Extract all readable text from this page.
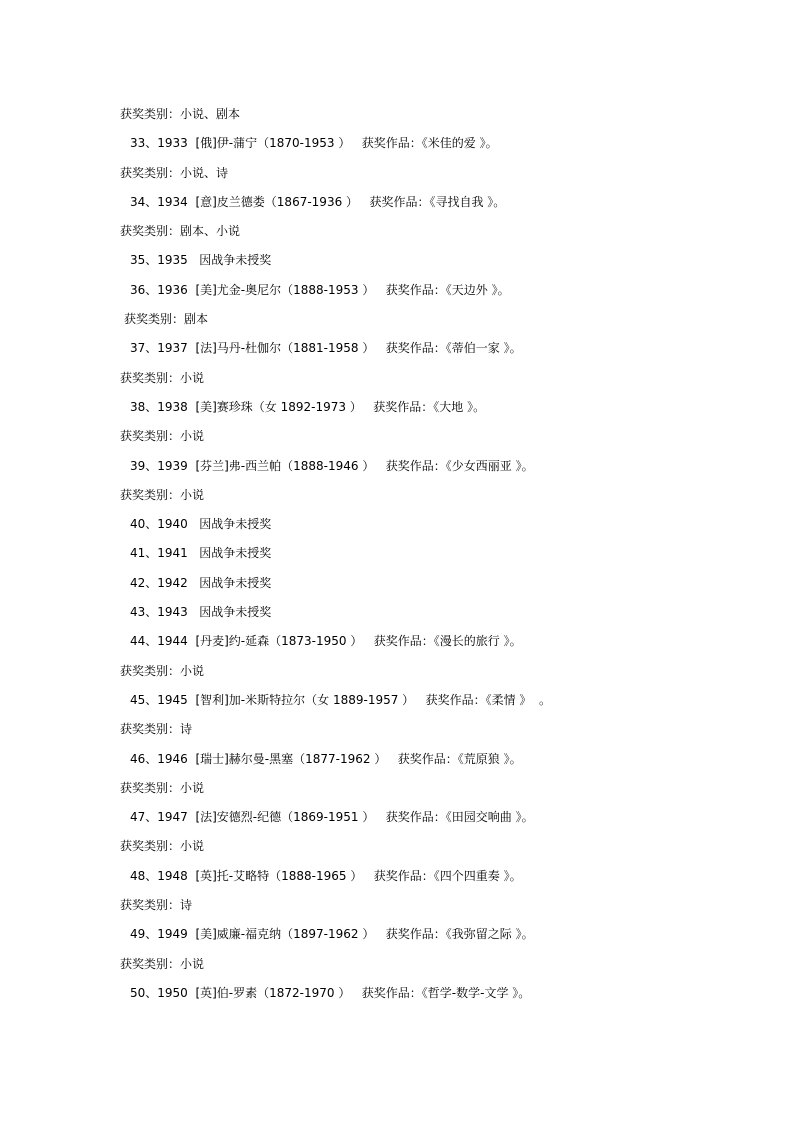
获奖类别：小说、剧本
33、1933  [俄]伊-蒲宁（1870-1953 ）   获奖作品：《米佳的爱 》。
获奖类别：小说、诗
34、1934  [意]皮兰德娄（1867-1936 ）   获奖作品：《寻找自我 》。
获奖类别：剧本、小说
35、1935   因战争未授奖
36、1936  [美]尤金-奥尼尔（1888-1953 ）   获奖作品：《天边外 》。
获奖类别：剧本
37、1937  [法]马丹-杜伽尔（1881-1958 ）   获奖作品：《蒂伯一家 》。
获奖类别：小说
38、1938  [美]赛珍珠（女 1892-1973 ）   获奖作品：《大地 》。
获奖类别：小说
39、1939  [芬兰]弗-西兰帕（1888-1946 ）   获奖作品：《少女西丽亚 》。
获奖类别：小说
40、1940   因战争未授奖
41、1941   因战争未授奖
42、1942   因战争未授奖
43、1943   因战争未授奖
44、1944  [丹麦]约-延森（1873-1950 ）   获奖作品：《漫长的旅行 》。
获奖类别：小说
45、1945  [智利]加-米斯特拉尔（女 1889-1957 ）   获奖作品：《柔情 》  。
获奖类别：诗
46、1946  [瑞士]赫尔曼-黑塞（1877-1962 ）   获奖作品：《荒原狼 》。
获奖类别：小说
47、1947  [法]安德烈-纪德（1869-1951 ）   获奖作品：《田园交响曲 》。
获奖类别：小说
48、1948  [英]托-艾略特（1888-1965 ）   获奖作品：《四个四重奏 》。
获奖类别：诗
49、1949  [美]威廉-福克纳（1897-1962 ）   获奖作品：《我弥留之际 》。
获奖类别：小说
50、1950  [英]伯-罗素（1872-1970 ）   获奖作品：《哲学-数学-文学 》。
